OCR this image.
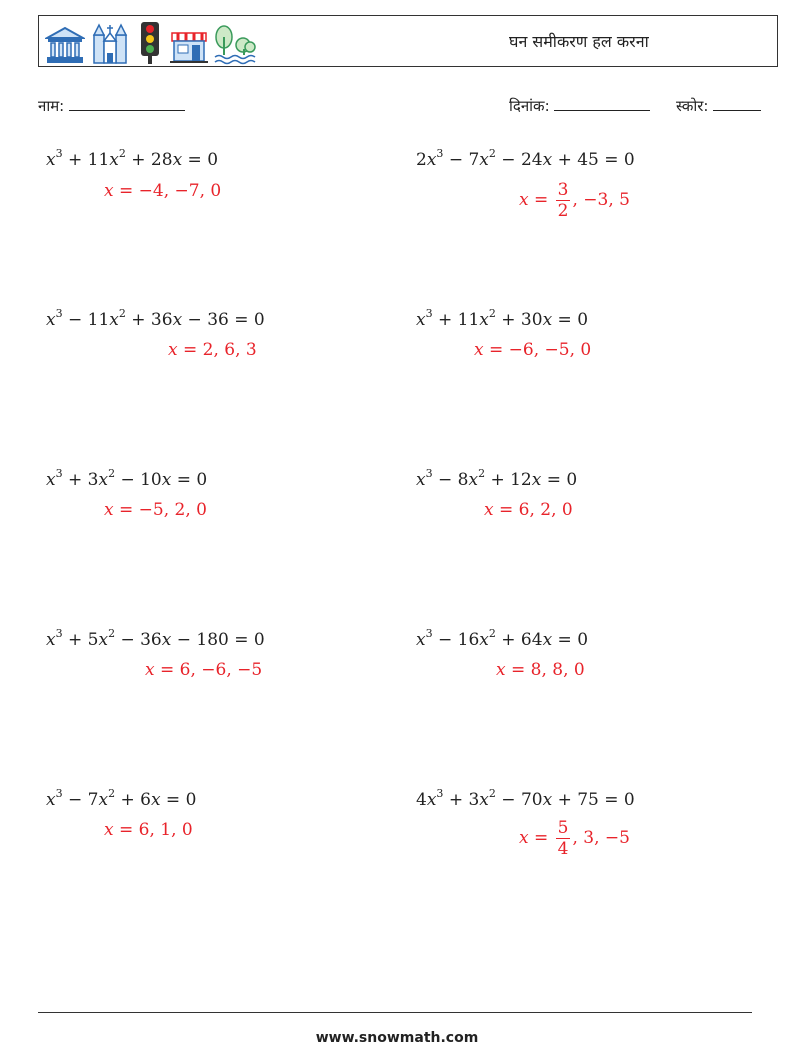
घन समीकरण हल करना
नाम:	दिनांक:	स्कोर:
$x^3 + 11x^2 + 28x = 0$
x = −4, −7, 0
$2x^3 - 7x^2 - 24x + 45 = 0$
$x = \frac{3}{2}$ , −3, 5
$x^3 - 11x^2 + 36x - 36 = 0$
x = 2, 6, 3
$x^3 + 11x^2 + 30x = 0$
x = −6, −5, 0
$x^3 + 3x^2 - 10x = 0$
x = −5, 2, 0
$x^3 - 8x^2 + 12x = 0$
x = 6, 2, 0
$x^3 + 5x^2 - 36x - 180 = 0$
x = 6, −6, −5
$x^3 - 16x^2 + 64x = 0$
x = 8, 8, 0
$x^3 - 7x^2 + 6x = 0$
x = 6, 1, 0
$4x^3 + 3x^2 - 70x + 75 = 0$
$x = \frac{5}{4}$ , 3, −5
www.snowmath.com
